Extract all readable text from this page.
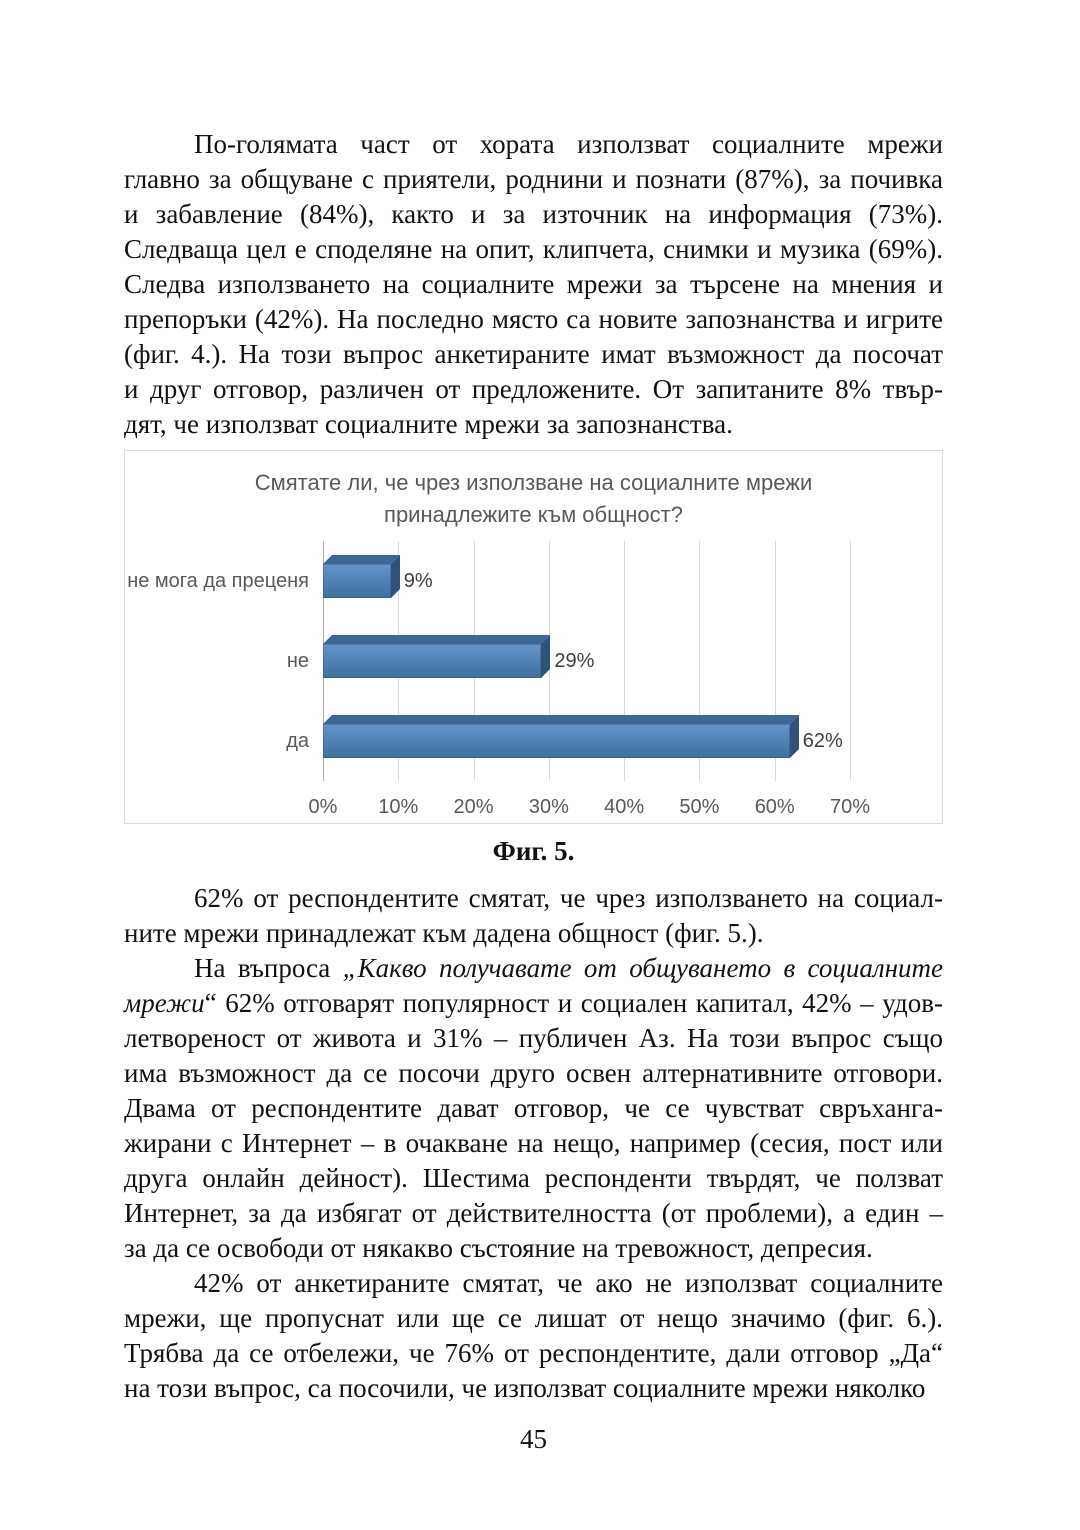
По-голямата част от хората използват социалните мрежи
главно за общуване с приятели, роднини и познати (87%), за почивка
и забавление (84%), както и за източник на информация (73%).
Следваща цел е споделяне на опит, клипчета, снимки и музика (69%).
Следва използването на социалните мрежи за търсене на мнения и
препоръки (42%). На последно място са новите запознанства и игрите
(фиг. 4.). На този въпрос анкетираните имат възможност да посочат
и друг отговор, различен от предложените. От запитаните 8% твър-
дят, че използват социалните мрежи за запознанства.
Смятате ли, че чрез използване на социалните мрежи
принадлежите към общност?
не мога да преценя
не
да
9%
29%
62%
0% 10% 20% 30% 40% 50% 60% 70%
Фиг. 5.
62% от респондентите смятат, че чрез използването на социал-
ните мрежи принадлежат към дадена общност (фиг. 5.).
На въпроса „Какво получавате от общуването в социалните
мрежи“ 62% отговарят популярност и социален капитал, 42% – удов-
летвореност от живота и 31% – публичен Аз. На този въпрос също
има възможност да се посочи друго освен алтернативните отговори.
Двама от респондентите дават отговор, че се чувстват свръханга-
жирани с Интернет – в очакване на нещо, например (сесия, пост или
друга онлайн дейност). Шестима респонденти твърдят, че ползват
Интернет, за да избягат от действителността (от проблеми), а един –
за да се освободи от някакво състояние на тревожност, депресия.
42% от анкетираните смятат, че ако не използват социалните
мрежи, ще пропуснат или ще се лишат от нещо значимо (фиг. 6.).
Трябва да се отбележи, че 76% от респондентите, дали отговор „Да“
на този въпрос, са посочили, че използват социалните мрежи няколко
45
